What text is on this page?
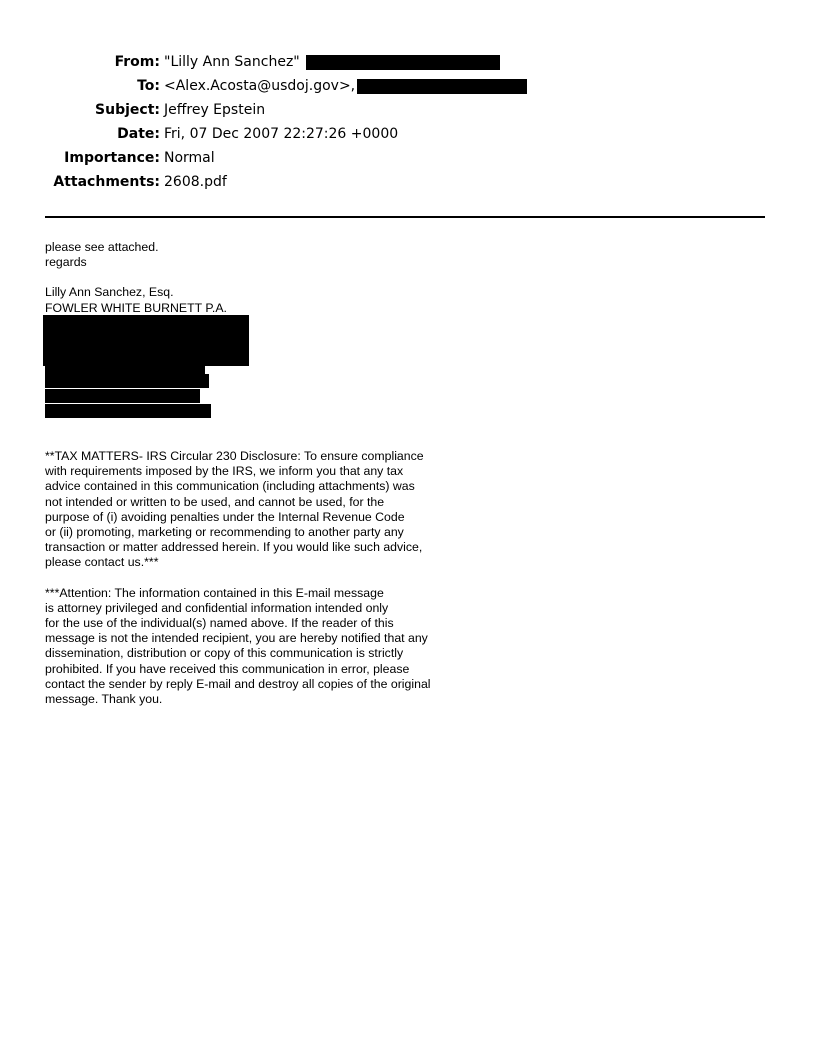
From: "Lilly Ann Sanchez"
To: <Alex.Acosta@usdoj.gov>,
Subject: Jeffrey Epstein
Date: Fri, 07 Dec 2007 22:27:26 +0000
Importance: Normal
Attachments: 2608.pdf

please see attached.

regards

Lilly Ann Sanchez, Esq.

FOWLER WHITE BURNETT P.A.

**TAX MATTERS- IRS Circular 230 Disclosure: To ensure compliance
with requirements imposed by the IRS, we inform you that any tax
advice contained in this communication (including attachments) was
not intended or written to be used, and cannot be used, for the
purpose of (i) avoiding penalties under the Internal Revenue Code
or (ii) promoting, marketing or recommending to another party any
transaction or matter addressed herein. If you would like such advice,
please contact us.***

***Attention: The information contained in this E-mail message
is attorney privileged and confidential information intended only
for the use of the individual(s) named above. If the reader of this
message is not the intended recipient, you are hereby notified that any
dissemination, distribution or copy of this communication is strictly
prohibited. If you have received this communication in error, please
contact the sender by reply E-mail and destroy all copies of the original
message. Thank you.
